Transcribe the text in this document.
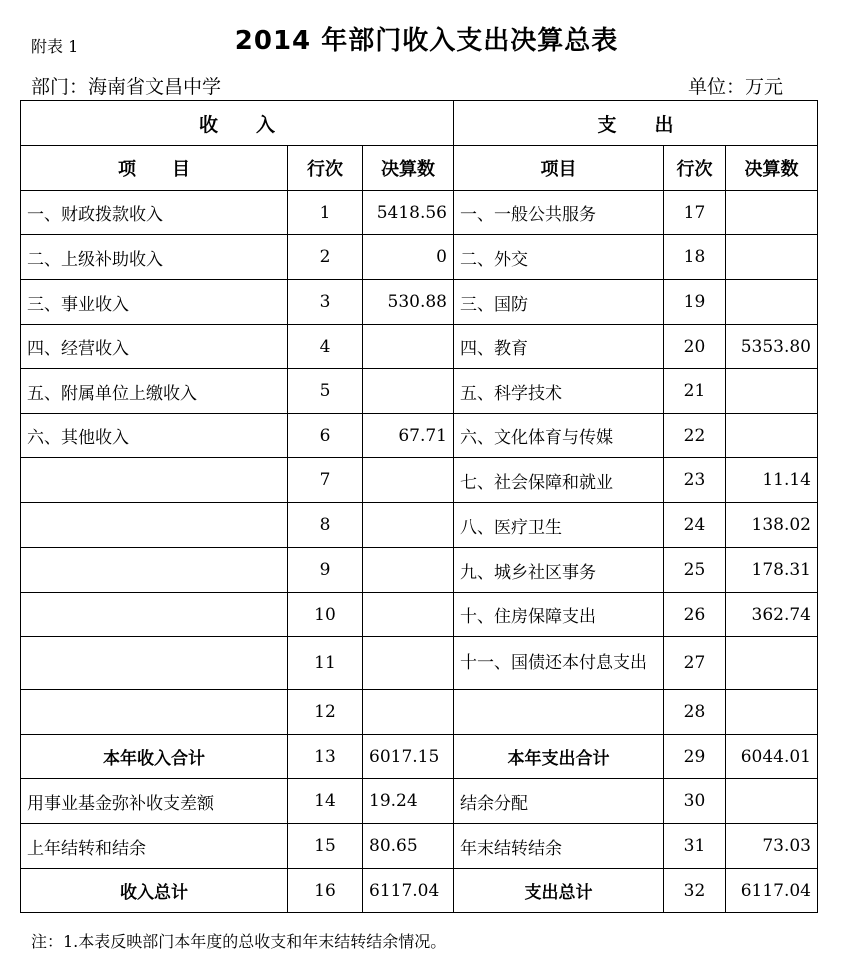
附表 1	2014 年部门收入支出决算总表
部门：海南省文昌中学	单位：万元
收　　入			支　　出		
项　　目	行次	决算数	项目	行次	决算数
一、财政拨款收入	1	5418.56	一、一般公共服务	17	
二、上级补助收入	2	0	二、外交	18	
三、事业收入	3	530.88	三、国防	19	
四、经营收入	4		四、教育	20	5353.80
五、附属单位上缴收入	5		五、科学技术	21	
六、其他收入	6	67.71	六、文化体育与传媒	22	
	7		七、社会保障和就业	23	11.14
	8		八、医疗卫生	24	138.02
	9		九、城乡社区事务	25	178.31
	10		十、住房保障支出	26	362.74
	11		十一、国债还本付息支出	27	
	12			28	
本年收入合计	13	6017.15	本年支出合计	29	6044.01
用事业基金弥补收支差额	14	19.24	结余分配	30	
上年结转和结余	15	80.65	年末结转结余	31	73.03
收入总计	16	6117.04	支出总计	32	6117.04
注：1.本表反映部门本年度的总收支和年末结转结余情况。
